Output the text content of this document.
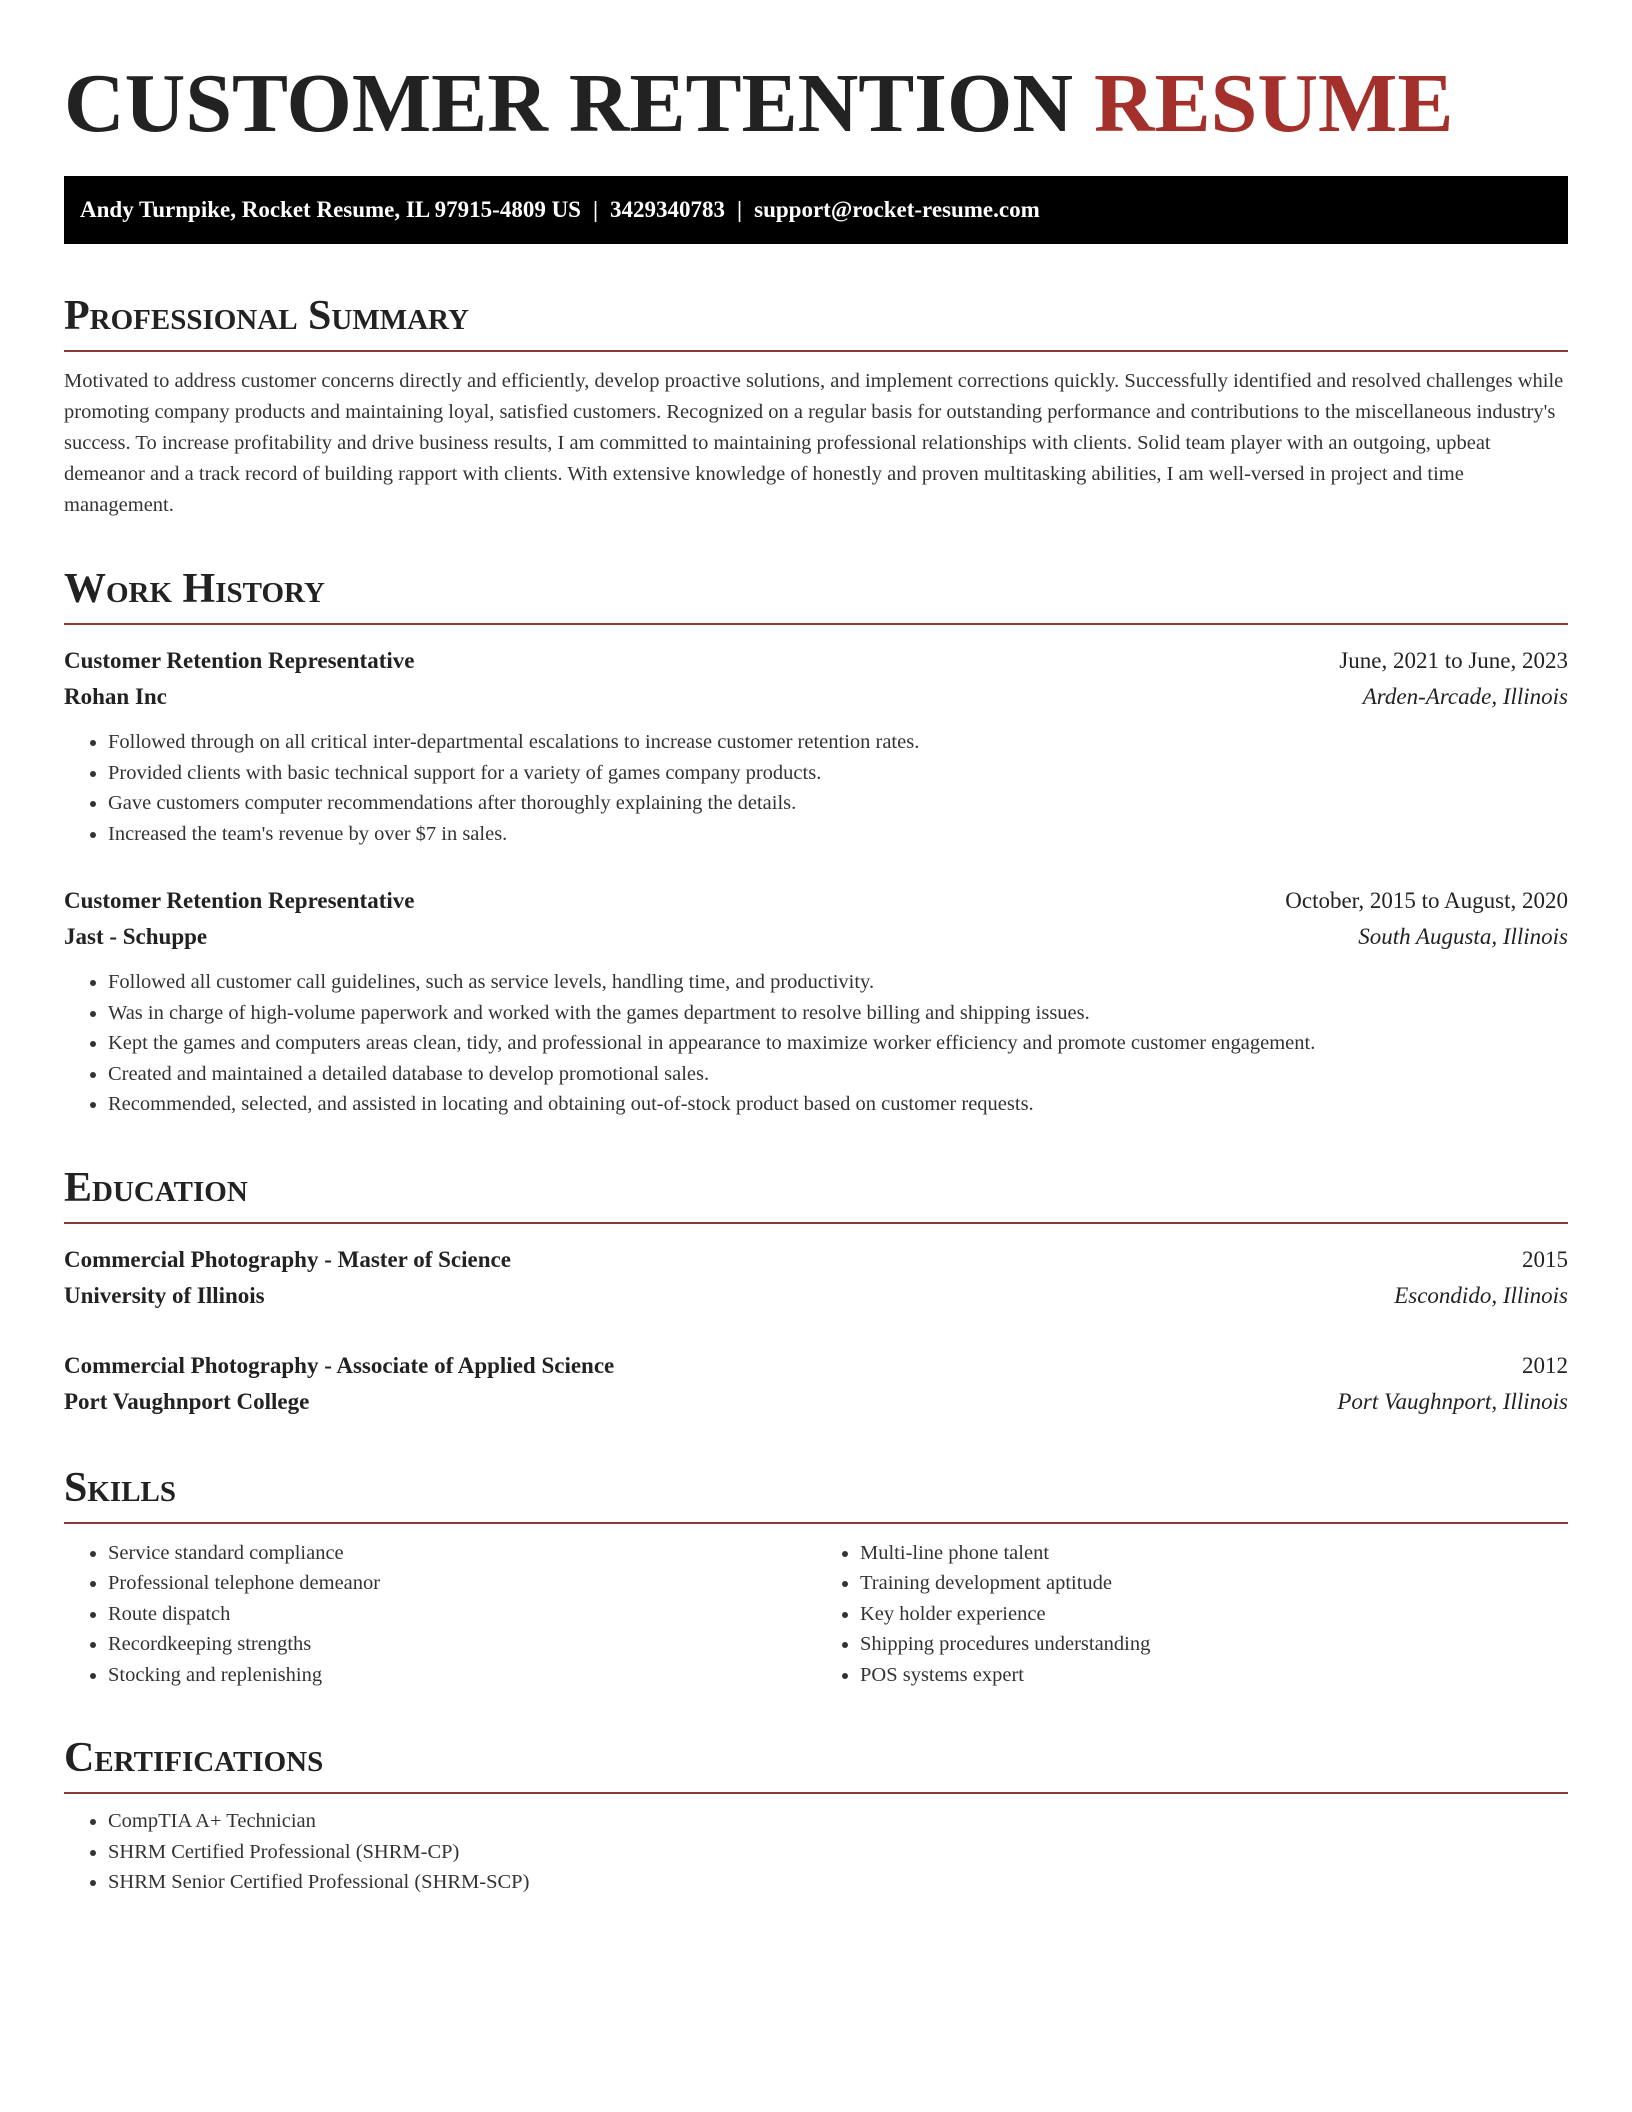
CUSTOMER RETENTION RESUME
Andy Turnpike, Rocket Resume, IL 97915-4809 US | 3429340783 | support@rocket-resume.com
Professional Summary

Motivated to address customer concerns directly and efficiently, develop proactive solutions, and implement corrections quickly. Successfully identified and resolved challenges while promoting company products and maintaining loyal, satisfied customers. Recognized on a regular basis for outstanding performance and contributions to the miscellaneous industry's success. To increase profitability and drive business results, I am committed to maintaining professional relationships with clients. Solid team player with an outgoing, upbeat demeanor and a track record of building rapport with clients. With extensive knowledge of honestly and proven multitasking abilities, I am well-versed in project and time management.

Work History
Customer Retention Representative	June, 2021 to June, 2023
Rohan Inc	Arden-Arcade, Illinois
• Followed through on all critical inter-departmental escalations to increase customer retention rates.
• Provided clients with basic technical support for a variety of games company products.
• Gave customers computer recommendations after thoroughly explaining the details.
• Increased the team's revenue by over $7 in sales.
Customer Retention Representative	October, 2015 to August, 2020
Jast - Schuppe	South Augusta, Illinois
• Followed all customer call guidelines, such as service levels, handling time, and productivity.
• Was in charge of high-volume paperwork and worked with the games department to resolve billing and shipping issues.
• Kept the games and computers areas clean, tidy, and professional in appearance to maximize worker efficiency and promote customer engagement.
• Created and maintained a detailed database to develop promotional sales.
• Recommended, selected, and assisted in locating and obtaining out-of-stock product based on customer requests.
Education
Commercial Photography - Master of Science	2015
University of Illinois	Escondido, Illinois
Commercial Photography - Associate of Applied Science	2012
Port Vaughnport College	Port Vaughnport, Illinois
Skills
• Service standard compliance
• Professional telephone demeanor
• Route dispatch
• Recordkeeping strengths
• Stocking and replenishing
• Multi-line phone talent
• Training development aptitude
• Key holder experience
• Shipping procedures understanding
• POS systems expert
Certifications
• CompTIA A+ Technician
• SHRM Certified Professional (SHRM-CP)
• SHRM Senior Certified Professional (SHRM-SCP)
